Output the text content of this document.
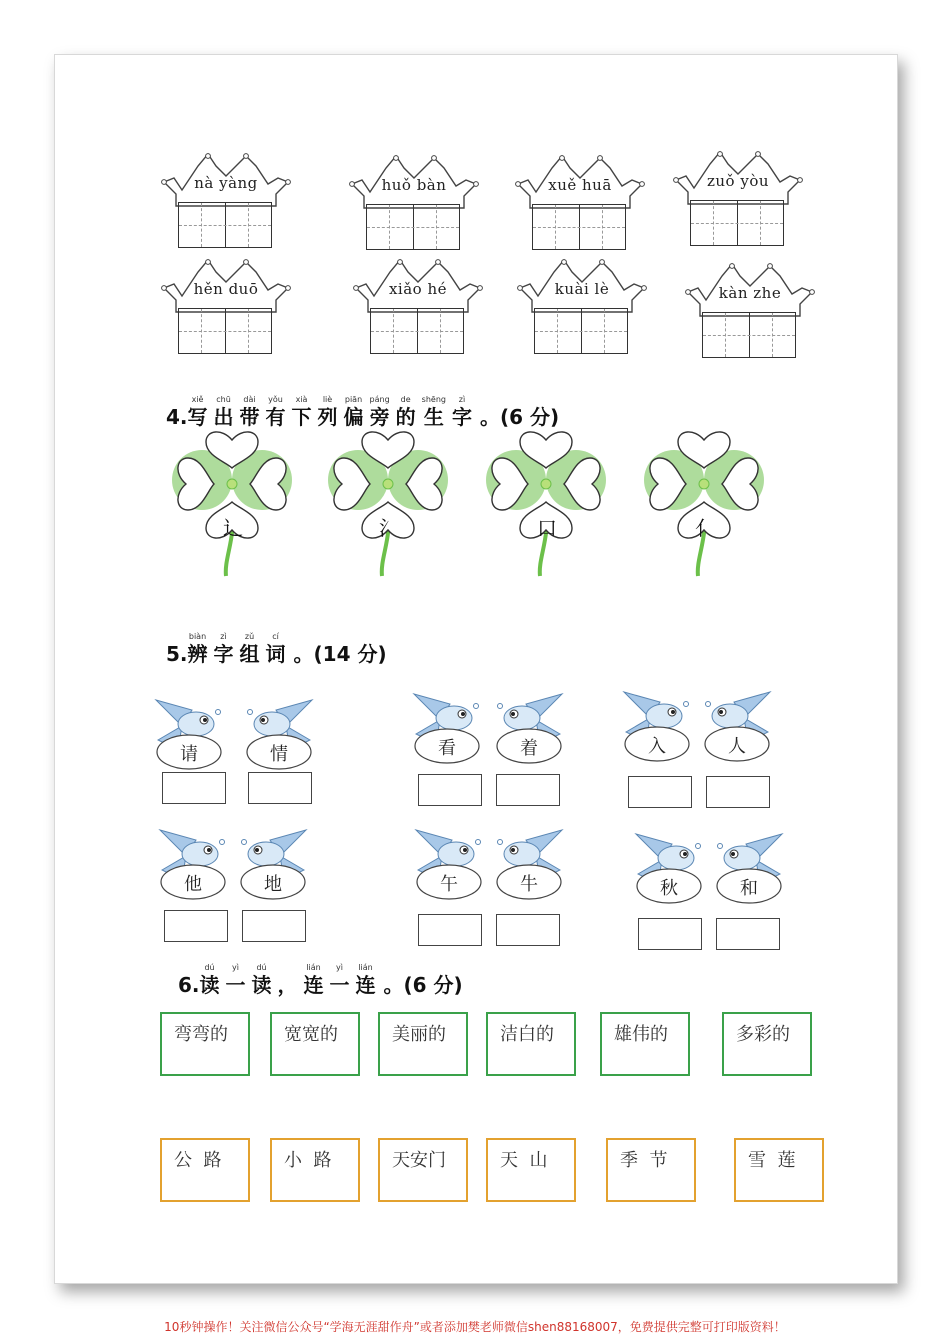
nà yàng	huǒ bàn	xuě huā	zuǒ yòu
hěn duō	xiǎo hé	kuài lè	kàn zhe
4.
xiě
写
chū
出
dài
带
yǒu
有
xià
下
liè
列
piān
偏
páng
旁
de
的
shēng
生
zì
字 。(6 分)
辶	氵	口	亻
5.
biàn
辨
zì
字
zǔ
组
cí
词 。(14 分)
请	情	看	着	入	人
他	地	午	牛	秋	和
6.
dú
读
yì
一
dú
读 ，
lián
连
yì
一
lián
连 。(6 分)
弯弯的	宽宽的	美丽的	洁白的	雄伟的	多彩的
公  路	小  路	天安门	天  山	季  节	雪  莲
10秒钟操作！关注微信公众号“学海无涯甜作舟”或者添加樊老师微信shen88168007，免费提供完整可打印版资料！
